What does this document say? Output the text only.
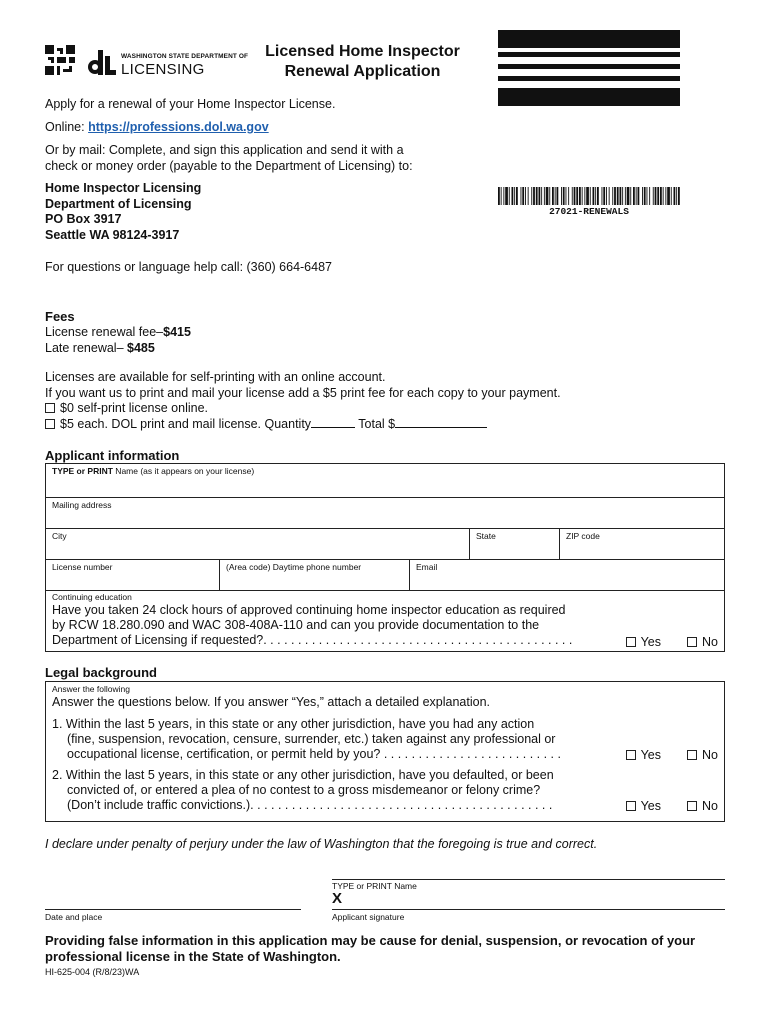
WASHINGTON STATE DEPARTMENT OF
LICENSING
Licensed Home Inspector
Renewal Application
27021-RENEWALS
Apply for a renewal of your Home Inspector License.
Online: https://professions.dol.wa.gov
Or by mail: Complete, and sign this application and send it with a
check or money order (payable to the Department of Licensing) to:
Home Inspector Licensing
Department of Licensing
PO Box 3917
Seattle WA 98124-3917
For questions or language help call: (360) 664-6487
Fees
License renewal fee–$415
Late renewal– $485
Licenses are available for self-printing with an online account.
If you want us to print and mail your license add a $5 print fee for each copy to your payment.
$0 self-print license online.
$5 each. DOL print and mail license. Quantity	Total $
Applicant information
TYPE or PRINT Name (as it appears on your license)
Mailing address
City	State	ZIP code
License number	(Area code) Daytime phone number	Email
Continuing education
Have you taken 24 clock hours of approved continuing home inspector education as required
by RCW 18.280.090 and WAC 308-408A-110 and can you provide documentation to the
Department of Licensing if requested?. . . . . . . . . . . . . . . . . . . . . . . . . . . . . . . . . . . . . . . . . . . . .	Yes	No
Legal background
Answer the following
Answer the questions below. If you answer “Yes,” attach a detailed explanation.
1. Within the last 5 years, in this state or any other jurisdiction, have you had any action
(fine, suspension, revocation, censure, surrender, etc.) taken against any professional or
occupational license, certification, or permit held by you? . . . . . . . . . . . . . . . . . . . . . . . . . .	Yes	No
2. Within the last 5 years, in this state or any other jurisdiction, have you defaulted, or been
convicted of, or entered a plea of no contest to a gross misdemeanor or felony crime?
(Don’t include traffic convictions.). . . . . . . . . . . . . . . . . . . . . . . . . . . . . . . . . . . . . . . . . . . .	Yes	No
I declare under penalty of perjury under the law of Washington that the foregoing is true and correct.
TYPE or PRINT Name
X
Date and place	Applicant signature
Providing false information in this application may be cause for denial, suspension, or revocation of your professional license in the State of Washington.
HI-625-004 (R/8/23)WA
